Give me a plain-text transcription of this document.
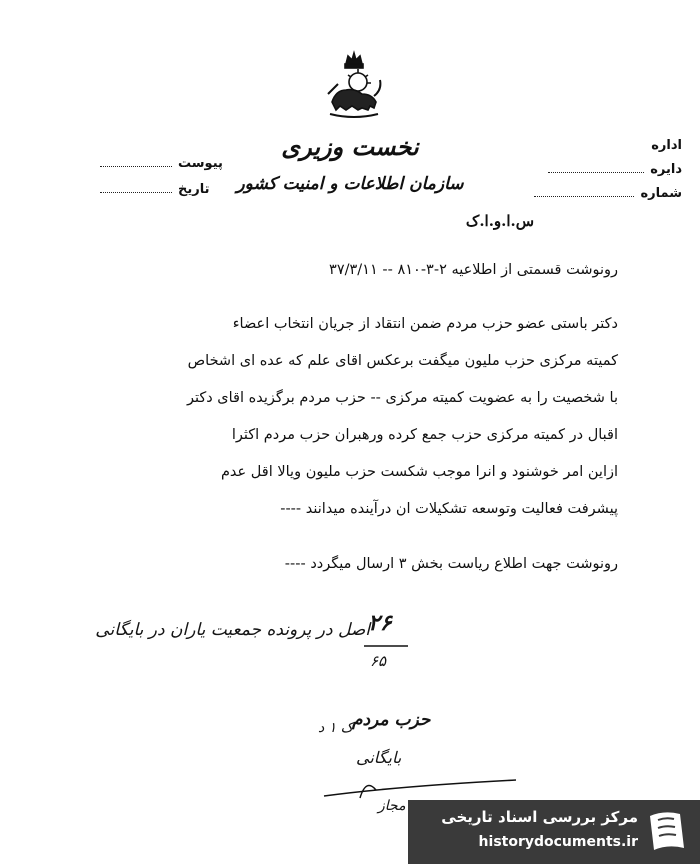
نخست وزیری
سازمان اطلاعات و امنیت کشور
س.ا.و.ا.ک
اداره
دایره
شماره
پیوست
تاریخ
رونوشت قسمتی از اطلاعیه ۲-۳-۸۱۰ -- ۳۷/۳/۱۱
دکتر باستی عضو حزب مردم ضمن انتقاد از جریان انتخاب اعضاء
کمیته مرکزی حزب ملیون میگفت برعکس اقای علم که عده ای اشخاص
با شخصیت را به عضویت کمیته مرکزی -- حزب مردم برگزیده اقای دکتر
اقبال در کمیته مرکزی حزب جمع کرده ورهبران حزب مردم اکثرا
ازاین امر خوشنود و انرا موجب شکست حزب ملیون ویالا اقل عدم
پیشرفت فعالیت وتوسعه تشکیلات ان درآینده میدانند ----
رونوشت جهت اطلاع ریاست بخش ۳ ارسال میگردد ----
اصل در پرونده جمعیت یاران در بایگانی
۲۶
۶۵
حزب مردم
ک ۱ د
بایگانی
مجاز
مرکز بررسی اسناد تاریخی
historydocuments.ir
